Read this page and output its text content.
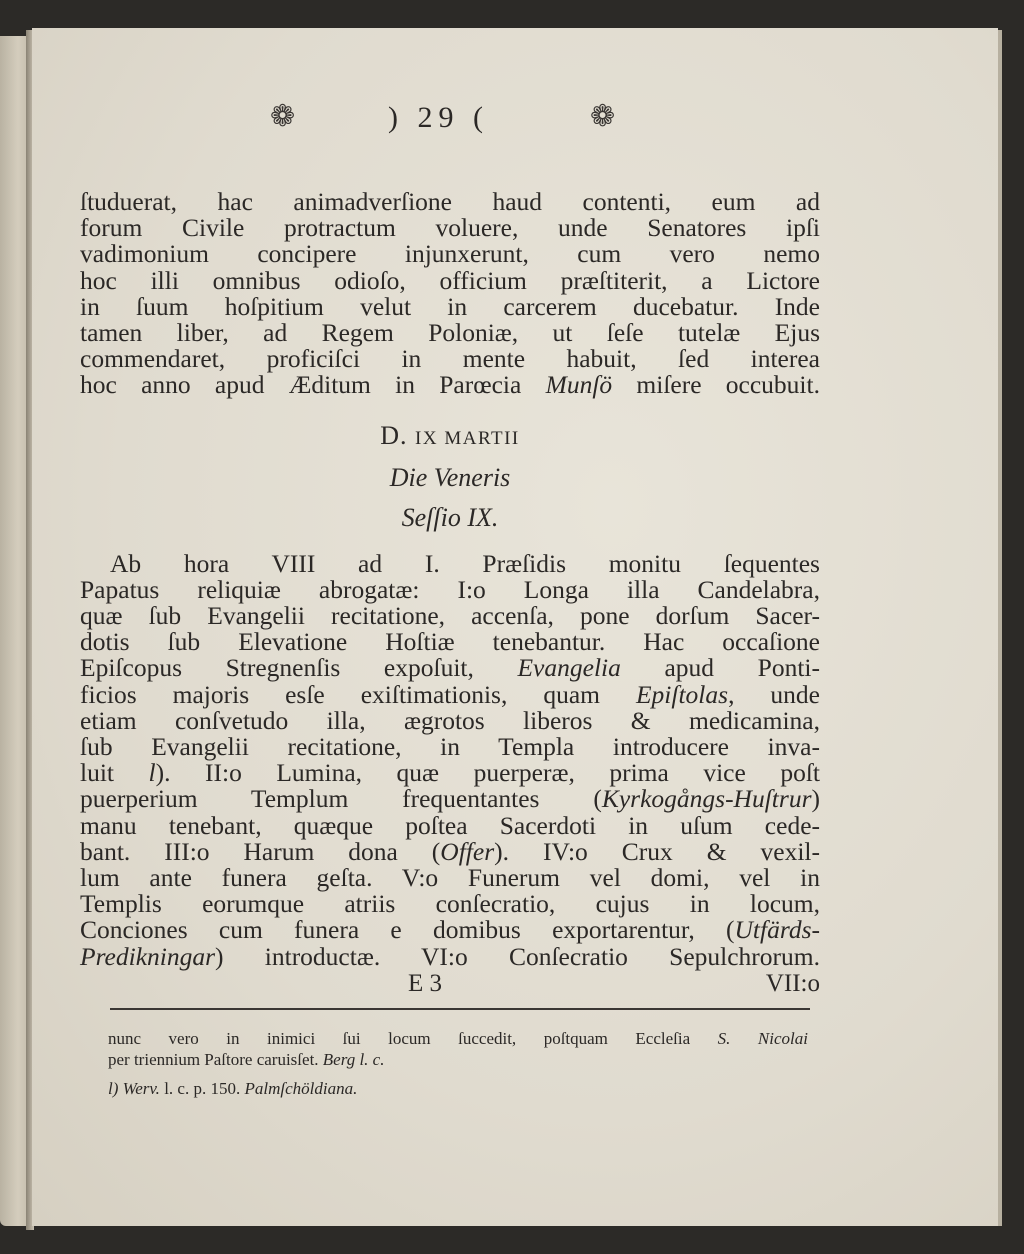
❁	) 29 (	❁
ſtuduerat, hac animadverſione haud contenti, eum ad
forum Civile protractum voluere, unde Senatores ipſi
vadimonium concipere injunxerunt, cum vero nemo
hoc illi omnibus odioſo, officium præſtiterit, a Lictore
in ſuum hoſpitium velut in carcerem ducebatur. Inde
tamen liber, ad Regem Poloniæ, ut ſeſe tutelæ Ejus
commendaret, proficiſci in mente habuit, ſed interea
hoc anno apud Æditum in Parœcia Munſö miſere occubuit.
D. IX MARTII
Die Veneris
Seſſio IX.
Ab hora VIII ad I. Præſidis monitu ſequentes
Papatus reliquiæ abrogatæ: I:o Longa illa Candelabra,
quæ ſub Evangelii recitatione, accenſa, pone dorſum Sacer-
dotis ſub Elevatione Hoſtiæ tenebantur. Hac occaſione
Epiſcopus Stregnenſis expoſuit, Evangelia apud Ponti-
ficios majoris esſe exiſtimationis, quam Epiſtolas, unde
etiam conſvetudo illa, ægrotos liberos & medicamina,
ſub Evangelii recitatione, in Templa introducere inva-
luit l). II:o Lumina, quæ puerperæ, prima vice poſt
puerperium Templum frequentantes (Kyrkogångs-Huſtrur)
manu tenebant, quæque poſtea Sacerdoti in uſum cede-
bant. III:o Harum dona (Offer). IV:o Crux & vexil-
lum ante funera geſta. V:o Funerum vel domi, vel in
Templis eorumque atriis conſecratio, cujus in locum,
Conciones cum funera e domibus exportarentur, (Utfärds-
Predikningar) introductæ. VI:o Conſecratio Sepulchrorum.
E 3	VII:o
nunc vero in inimici ſui locum ſuccedit, poſtquam Eccleſia S. Nicolai
per triennium Paſtore caruisſet. Berg l. c.
l) Werv. l. c. p. 150. Palmſchöldiana.
